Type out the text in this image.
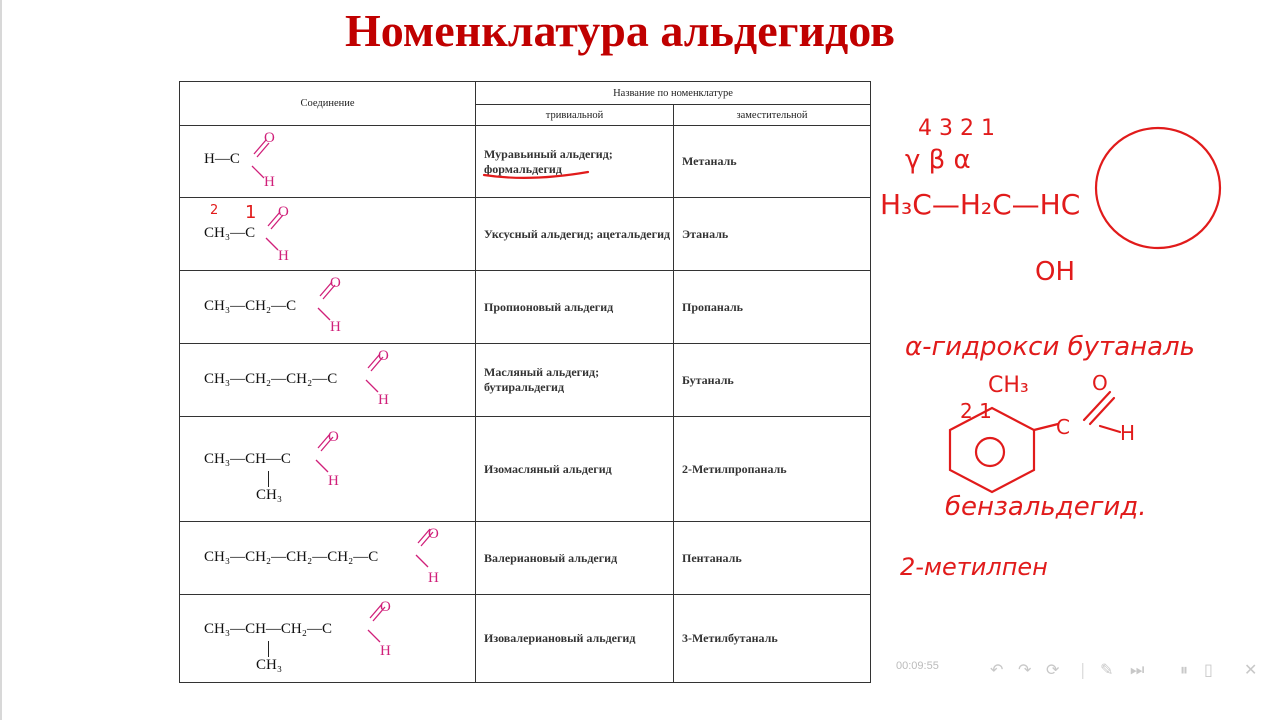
Номенклатура альдегидов
Соединение	Название по номенклатуре	
	тривиальной	заместительной

H—C
O
H	Муравьиный альдегид; формальдегид	Метаналь

CH₃—C
O
H	Уксусный альдегид; ацетальдегид	Этаналь

CH₃—CH₂—C
O
H	Пропионовый альдегид	Пропаналь

CH₃—CH₂—CH₂—C
O
H	Масляный альдегид; бутиральдегид	Бутаналь

CH₃—CH—C
CH₃
O
H	Изомасляный альдегид	2-Метилпропаналь

CH₃—CH₂—CH₂—CH₂—C
O
H	Валериановый альдегид	Пентаналь

CH₃—CH—CH₂—C
CH₃
O
H	Изовалериановый альдегид	3-Метилбутаналь
2 1
4 3 2 1
γ β α
H₃C—H₂C—HC
OH
α-гидрокси бутаналь
CH₃
2 1
O
C	H
бензальдегид.
2-метилпен
00:09:55	↶ ↷ ⟳ | ✎ ⏭ ⏸ ▯ ✕
